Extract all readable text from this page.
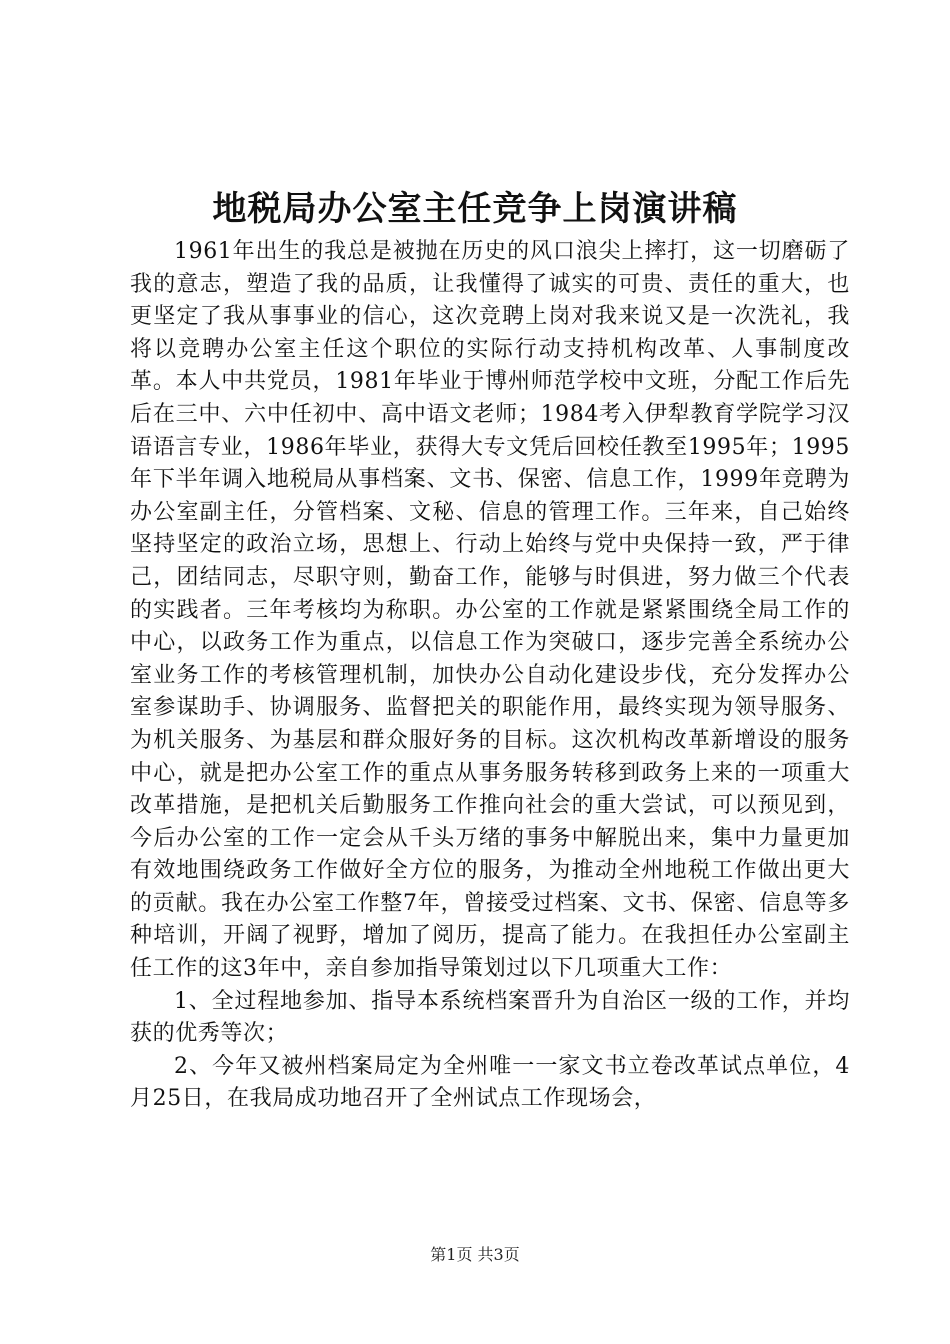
地税局办公室主任竞争上岗演讲稿

1961年出生的我总是被抛在历史的风口浪尖上摔打，这一切磨砺了我的意志，塑造了我的品质，让我懂得了诚实的可贵、责任的重大，也更坚定了我从事事业的信心，这次竞聘上岗对我来说又是一次洗礼，我将以竞聘办公室主任这个职位的实际行动支持机构改革、人事制度改革。本人中共党员，1981年毕业于博州师范学校中文班，分配工作后先后在三中、六中任初中、高中语文老师；1984考入伊犁教育学院学习汉语语言专业，1986年毕业，获得大专文凭后回校任教至1995年；1995年下半年调入地税局从事档案、文书、保密、信息工作，1999年竞聘为办公室副主任，分管档案、文秘、信息的管理工作。三年来，自己始终坚持坚定的政治立场，思想上、行动上始终与党中央保持一致，严于律己，团结同志，尽职守则，勤奋工作，能够与时俱进，努力做三个代表的实践者。三年考核均为称职。办公室的工作就是紧紧围绕全局工作的中心，以政务工作为重点，以信息工作为突破口，逐步完善全系统办公室业务工作的考核管理机制，加快办公自动化建设步伐，充分发挥办公室参谋助手、协调服务、监督把关的职能作用，最终实现为领导服务、为机关服务、为基层和群众服好务的目标。这次机构改革新增设的服务中心，就是把办公室工作的重点从事务服务转移到政务上来的一项重大改革措施，是把机关后勤服务工作推向社会的重大尝试，可以预见到，今后办公室的工作一定会从千头万绪的事务中解脱出来，集中力量更加有效地围绕政务工作做好全方位的服务，为推动全州地税工作做出更大的贡献。我在办公室工作整7年，曾接受过档案、文书、保密、信息等多种培训，开阔了视野，增加了阅历，提高了能力。在我担任办公室副主任工作的这3年中，亲自参加指导策划过以下几项重大工作：

1、全过程地参加、指导本系统档案晋升为自治区一级的工作，并均获的优秀等次；

2、今年又被州档案局定为全州唯一一家文书立卷改革试点单位，4月25日，在我局成功地召开了全州试点工作现场会，

第1页 共3页
